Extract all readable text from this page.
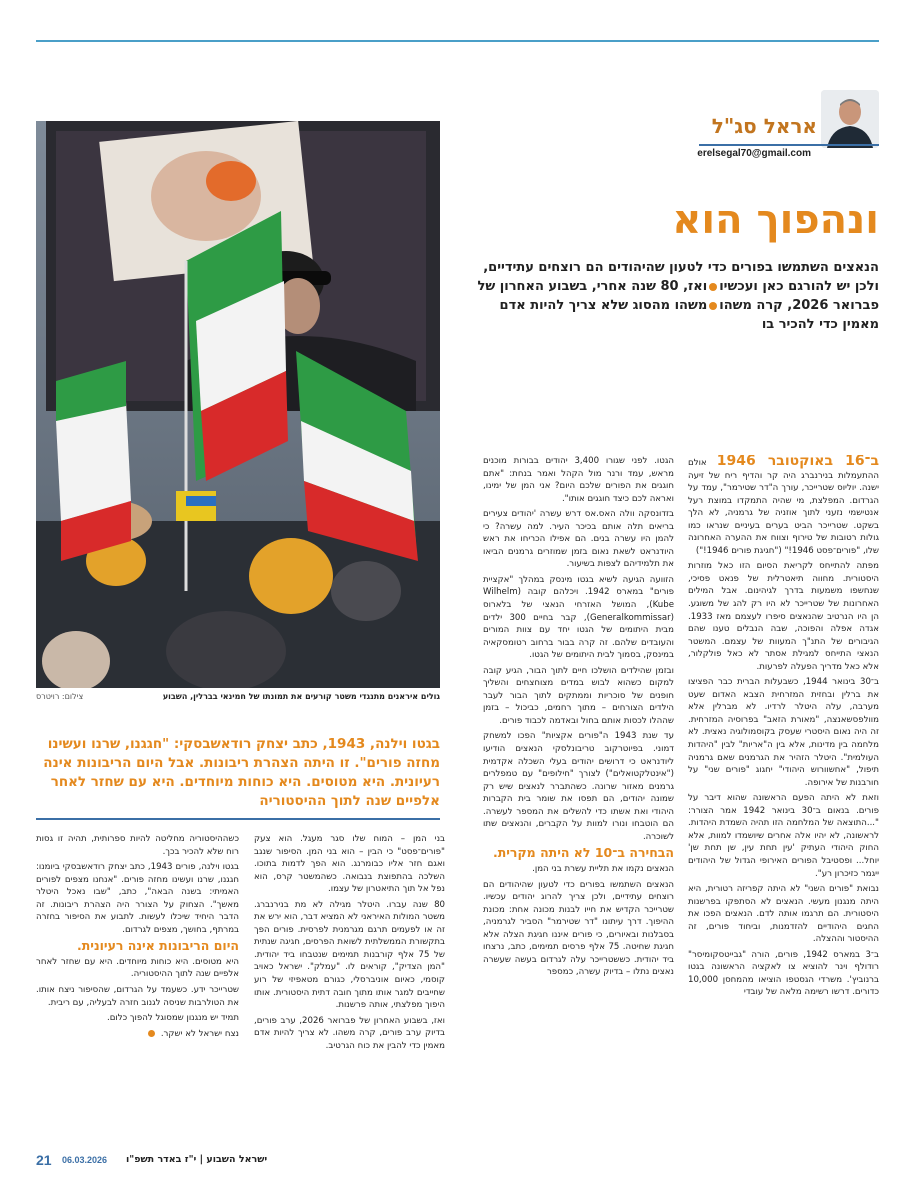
אראל סג"ל
erelsegal70@gmail.com
ונהפוך הוא
הנאצים השתמשו בפורים כדי לטעון שהיהודים הם רוצחים עתידיים, ולכן יש להורגם כאן ועכשיוואז, 80 שנה אחרי, בשבוע האחרון של פברואר 2026, קרה משהומשהו מהסוג שלא צריך להיות אדם מאמין כדי להכיר בו
גולים איראנים מתנגדי משטר קורעים את תמונתו של חמינאי בברלין, השבוע
צילום: רויטרס
בגטו וילנה, 1943, כתב יצחק רודאשבסקי: "חגגנו, שרנו ועשינו מחזה פורים". זו היתה הצהרת ריבונות. אבל היום הריבונות אינה רעיונית. היא מטוסים. היא כוחות מיוחדים. היא עם שחזר לאחר אלפיים שנה לתוך ההיסטוריה

ב־16 באוקטובר 1946 אולם ההתעמלות בנירנברג היה קר והדיף ריח של זיעה ישנה. יוליוס שטרייכר, עורך ה"דר שטירמר", עמד על הגרדום. המפלצת, מי שהיה התמקדו במוצת רעל אנטישמי נזעני לתוך אוזניה של גרמניה, לא הלך בשקט. שטרייכר הביט בערים בעיניים שנראו כמו גולות רטובות של טירוף וצווח את ההערה האחרונה שלו, "פורים־פסט 1946!" ("חגיגת פורים 1946!")

מפתה להתייחס לקריאת הסיום הזו כאל מוזרות היסטורית. מחווה תיאטרלית של פנאט פסיכי, שנחשפו משמעות בדרך לגיהינום. אבל המילים האחרונות של שטרייכר לא היו רק להג של משוגע. הן היו הנרטיב שהנאצים סיפרו לעצמם מאז 1933. אגדה אפלה והפוכה, שבה הנבלים טענו שהם הגיבורים של התנ"ך המעוות של עצמם. המשטר הנאצי התייחס למגילת אסתר לא כאל פולקלור, אלא כאל מדריך הפעלה לפרעות.

ב־30 בינואר 1944, כשבעלות הברית כבר הפציצו את ברלין ובחזית המזרחית הצבא האדום שעט מערבה, עלה היטלר לרדיו. לא מברלין אלא מוולפסשאנצה, "מאורת הזאב" בפרוסיה המזרחית. זה היה נאום היסטרי שעסק בקוסמולוגיה נאצית. לא מלחמה בין מדינות, אלא בין ה"אריות" לבין "היהדות העולמית". היטלר הזהיר את הגרמנים שאם גרמניה תיפול, "אחשוורוש היהודי" יחגוג "פורים שני" על חורבנות של אירופה.

וזאת לא היתה הפעם הראשונה שהוא דיבר על פורים. בנאום ב־30 בינואר 1942 אמר הצורר: "...התוצאה של המלחמה הזו תהיה השמדת היהדות. לראשונה, לא יהיו אלה אחרים שיושמדו למוות, אלא החוק היהודי העתיק 'עין תחת עין, שן תחת שן' יוחל... ופסטיבל הפורים האירופי הגדול של היהודים ייגמר כזיכרון רע".

נבואת "פורים השני" לא היתה קפריזה רטורית, היא היתה מנגנון מעשי. הנאצים לא הסתפקו בפרשנות היסטורית. הם תרגמו אותה לדם. הנאצים הפכו את החגים היהודיים להזדמנות, וביחוד פורים, זה ההיסטור וההצלה.

ב־3 במארס 1942, פורים, הורה "גבייטסקומיסר" רודולף וינר להוציא צו לאקציה הראשונה בגטו ברנוביץ'. משרדי הגסטפו הוציאו מהמחסן 10,000 כדורים. דרשו רשימה מלאה של עובדי

הגטו. לפני שגורו 3,400 יהודים בבורות מוכנים מראש, עמד ורנר מול הקהל ואמר בנחת: "אתם חוגגים את הפורים שלכם היום? אני המן של ימינו, ואראה לכם כיצד חוגגים אותו".

בזדונסקה וולה האס.אס דרש עשרה 'יהודים צעירים בריאים תלה אותם בכיכר העיר. למה עשרה? כי להמן היו עשרה בנים. הם אפילו הכריחו את ראש היודנראט לשאת נאום בזמן שמוזרים גרמנים הביאו את תלמידיהם לצפות בשיעור.

הזוועה הגיעה לשיא בגטו מינסק במהלך "אקציית פורים" במארס 1942. ויכלהם קובה (Wilhelm Kube), המושל האזרחי הנאצי של בלארוס (Generalkommissar), קבר בחיים 300 ילדים מבית היתומים של הגטו יחד עם צוות המורים והעובדים שלהם. זה קרה בבור ברחוב רטומסקאיה במינסק, בסמוך לבית היתומים של הגטו.

ובזמן שהילדים הושלכו חיים לתוך הבור, הגיע קובה למקום כשהוא לבוש במדים מצוחצחים והשליך חופנים של סוכריות וממתקים לתוך הבור לעבר הילדים הצורחים – מתוך רחמים, כביכול – בזמן שההלו לכסות אותם בחול ובאדמה לכבוד פורים.

עד שנת 1943 ה"פורים אקציות" הפכו למשחק דמוני. בפיוטרקוב טריבונלסקי הנאצים הודיעו ליודנראט כי דרושים יהודים בעלי השכלה אקדמית ("אינטלקטואלים") לצורך "חילופים" עם טמפלרים גרמנים מאזור שרונה. כשהתברר לנאצים שיש רק שמונה יהודים, הם תפסו את שומר בית הקברות היהודי ואת אשתו כדי להשלים את המספר לעשרה. הם הוטבחו ונורו למוות על הקברים, והנאצים שתו לשוכרה.

הבחירה ב־10 לא היתה מקרית.

הנאצים נקמו את תליית עשרת בני המן.

הנאצים השתמשו בפורים כדי לטעון שהיהודים הם רוצחים עתידיים, ולכן צריך להרוג יהודים עכשיו. שטרייכר הקדיש את חייו לבנות מכונה אחת: מכונת ההיפוך. דרך עיתונו "דר שטירמר" הסביר לגרמניה, בסבלנות ובאיורים, כי פורים איננו חגיגת הצלה אלא חגיגת שחיטה. 75 אלף פרסים תמימים, כתב, נרצחו ביד יהודית. כששטרייכר עלה לגרדום בעשה שעשרה נאצים נתלו – בדיוק עשרה, כמספר

בני המן – המוח שלו סגר מעגל. הוא צעק "פורים־פסט" כי הבין – הוא בני המן. הסיפור שנגב ואגם חזר אליו כבומרנג. הוא הפך לדמות בתוכו. השלכה בהתפוצת בנבואה. כשהמשטר קרס, הוא נפל אל תוך התיאטרון של עצמו.

80 שנה עברו. היטלר מגילה לא מת בנירנברג. משטר המולות האיראני לא המציא דבר, הוא ירש את זה או לפעמים תרגם מגרמנית לפרסית. פורים הפך בתקשורת הממשלתית לשואת הפרסים, חגיגה שנתית של 75 אלף קורבנות תמימים שנטבחו ביד יהודית. "המן הצדיק", קוראים לו. "עמלק". ישראל כאויב קוסמי, כאיום אוניברסלי, כגורם מטאפיזי של רוע שחייבים למגר אותו מתוך חובה דתית היסטורית. אותו היפוך מפלצתי, אותה פרשנות.

ואז, בשבוע האחרון של פברואר 2026, ערב פורים, בדיוק ערב פורים, קרה משהו. לא צריך להיות אדם מאמין כדי להבין את כוח הגרטיב.

כשההיסטוריה מחליטה להיות ספרותית, תהיה זו גסות רוח שלא להכיר בכך.

בגטו וילנה, פורים 1943, כתב יצחק רודאשבסקי ביומנו: חגגנו, שרנו ועשינו מחזה פורים. "אנחנו מצפים לפורים האמיתי: בשנה הבאה", כתב, "שבו נאכל היטלר מאשך". הצחוק על הצורר היה הצהרת ריבונות. זה הדבר היחיד שיכלו לעשות. לתבוע את הסיפור בחזרה במרתף, בחושך, מצפים לגרדום.

היום הריבונות אינה רעיונית.

היא מטוסים. היא כוחות מיוחדים. היא עם שחזר לאחר אלפיים שנה לתוך ההיסטוריה.

שטרייכר ידע. כשעמד על הגרדום, שהסיפור ניצח אותו. את הטולרבות שניסה לגנוב חזרה לבעליה, עם ריבית.

תמיד יש מנגנון שמסוגל להפוך כלום.

נצח ישראל לא ישקר.

21 06.03.2026 ישראל השבוע | י"ז באדר תשפ"ו
